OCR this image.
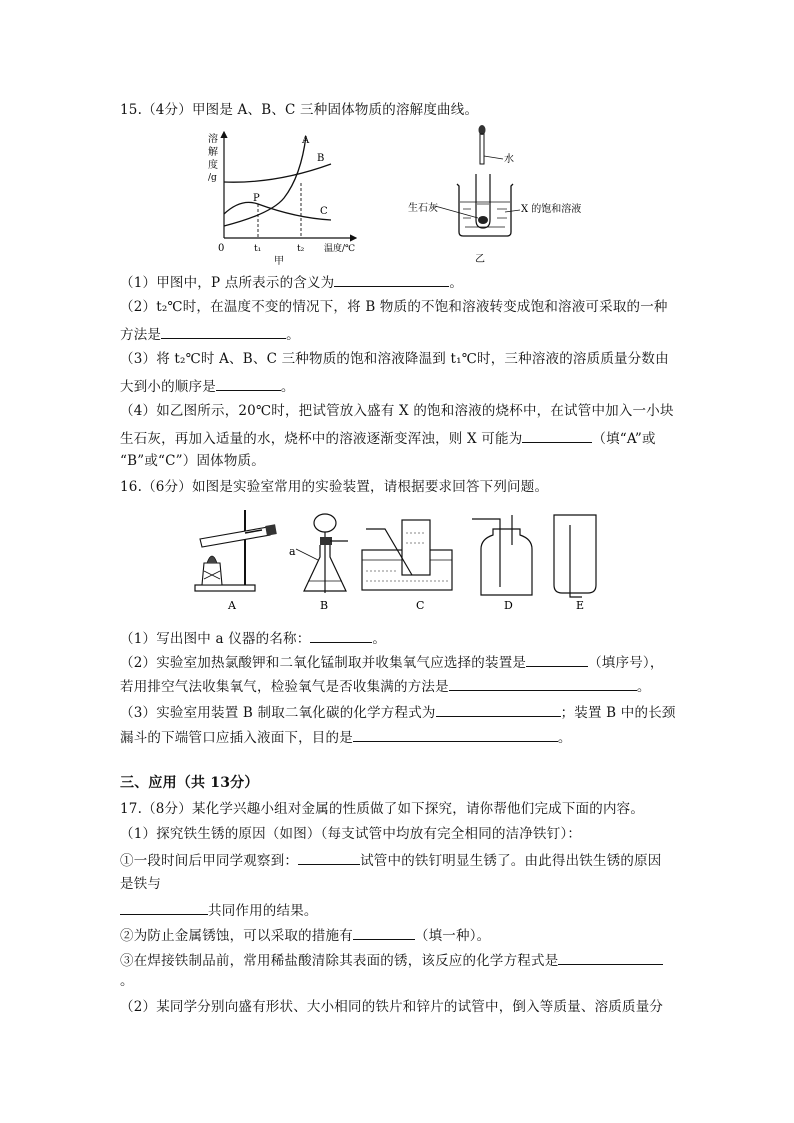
15.（4分）甲图是 A、B、C 三种固体物质的溶解度曲线。
溶
解
度
/g
A
B
C
P
0	t₁	t₂ 温度/℃
甲
水
生石灰	X 的饱和溶液
乙
（1）甲图中，P 点所表示的含义为	。
（2）t₂℃时，在温度不变的情况下，将 B 物质的不饱和溶液转变成饱和溶液可采取的一种
方法是	。
（3）将 t₂℃时 A、B、C 三种物质的饱和溶液降温到 t₁℃时，三种溶液的溶质质量分数由
大到小的顺序是	。
（4）如乙图所示，20℃时，把试管放入盛有 X 的饱和溶液的烧杯中，在试管中加入一小块
生石灰，再加入适量的水，烧杯中的溶液逐渐变浑浊，则 X 可能为	（填“A”或
“B”或“C”）固体物质。
16.（6分）如图是实验室常用的实验装置，请根据要求回答下列问题。
A
a
B	C	D	E
（1）写出图中 a 仪器的名称：	。
（2）实验室加热氯酸钾和二氧化锰制取并收集氧气应选择的装置是	（填序号），
若用排空气法收集氧气，检验氧气是否收集满的方法是	。
（3）实验室用装置 B 制取二氧化碳的化学方程式为	；装置 B 中的长颈
漏斗的下端管口应插入液面下，目的是	。
三、应用（共 13分）
17.（8分）某化学兴趣小组对金属的性质做了如下探究，请你帮他们完成下面的内容。
（1）探究铁生锈的原因（如图）（每支试管中均放有完全相同的洁净铁钉）：
①一段时间后甲同学观察到：	试管中的铁钉明显生锈了。由此得出铁生锈的原因
是铁与
共同作用的结果。
②为防止金属锈蚀，可以采取的措施有	（填一种）。
③在焊接铁制品前，常用稀盐酸清除其表面的锈，该反应的化学方程式是
。
（2）某同学分别向盛有形状、大小相同的铁片和锌片的试管中，倒入等质量、溶质质量分
